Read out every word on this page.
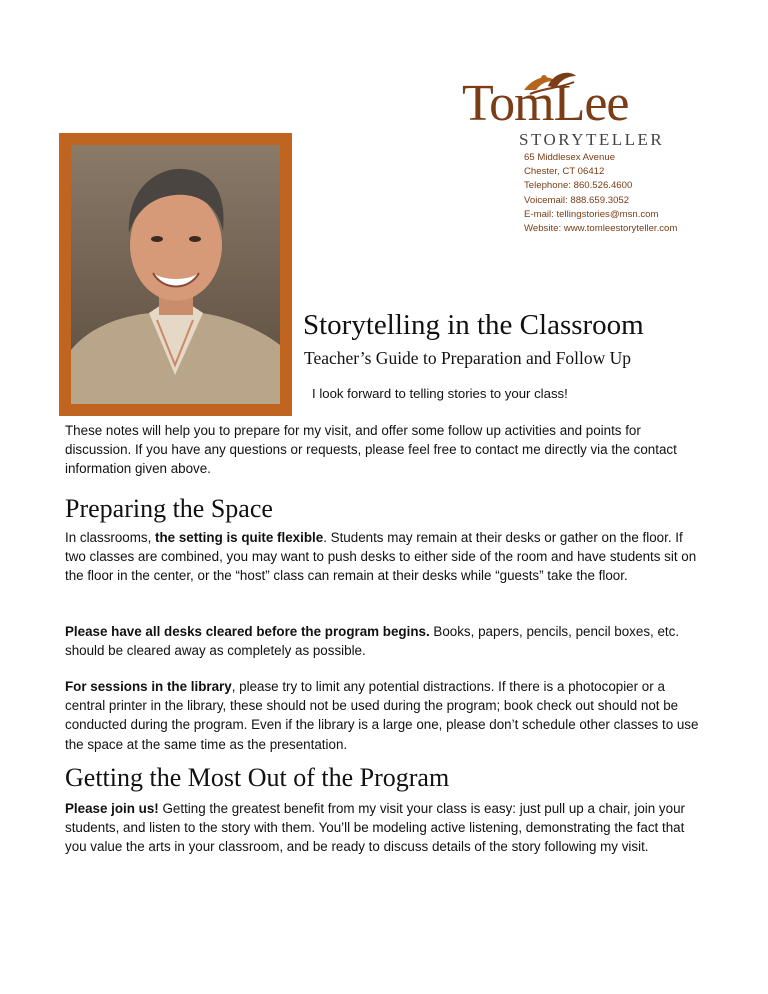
TomLee
STORYTELLER
65 Middlesex Avenue
Chester, CT 06412
Telephone: 860.526.4600
Voicemail: 888.659.3052
E-mail: tellingstories@msn.com
Website: www.tomleestoryteller.com
Storytelling in the Classroom
Teacher’s Guide to Preparation and Follow Up
I look forward to telling stories to your class!

These notes will help you to prepare for my visit, and offer some follow up activities and points for discussion. If you have any questions or requests, please feel free to contact me directly via the contact information given above.

Preparing the Space

In classrooms, the setting is quite flexible. Students may remain at their desks or gather on the floor. If two classes are combined, you may want to push desks to either side of the room and have students sit on the floor in the center, or the “host” class can remain at their desks while “guests” take the floor.

Please have all desks cleared before the program begins. Books, papers, pencils, pencil boxes, etc. should be cleared away as completely as possible.

For sessions in the library, please try to limit any potential distractions. If there is a photocopier or a central printer in the library, these should not be used during the program; book check out should not be conducted during the program. Even if the library is a large one, please don’t schedule other classes to use the space at the same time as the presentation.

Getting the Most Out of the Program

Please join us! Getting the greatest benefit from my visit your class is easy: just pull up a chair, join your students, and listen to the story with them. You’ll be modeling active listening, demonstrating the fact that you value the arts in your classroom, and be ready to discuss details of the story following my visit.
